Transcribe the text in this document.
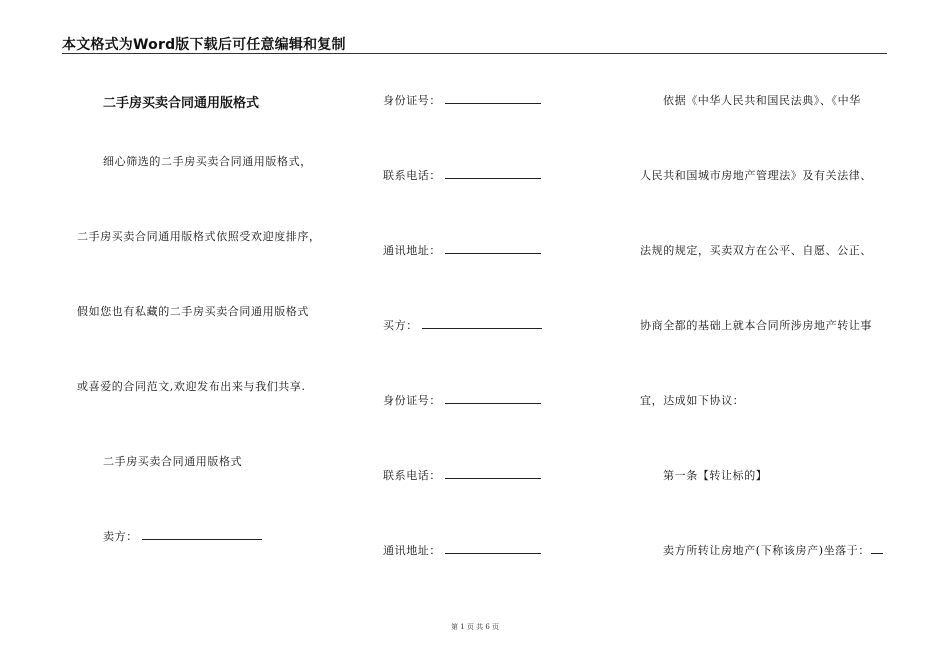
本文格式为Word版下载后可任意编辑和复制
二手房买卖合同通用版格式
细心筛选的二手房买卖合同通用版格式，
二手房买卖合同通用版格式依照受欢迎度排序，
假如您也有私藏的二手房买卖合同通用版格式
或喜爱的合同范文,欢迎发布出来与我们共享.
二手房买卖合同通用版格式
卖方：
身份证号：
联系电话：
通讯地址：
买方：
身份证号：
联系电话：
通讯地址：
依据《中华人民共和国民法典》、《中华
人民共和国城市房地产管理法》及有关法律、
法规的规定，买卖双方在公平、自愿、公正、
协商全都的基础上就本合同所涉房地产转让事
宜，达成如下协议：
第一条【转让标的】
卖方所转让房地产(下称该房产)坐落于：
第 1 页 共 6 页
